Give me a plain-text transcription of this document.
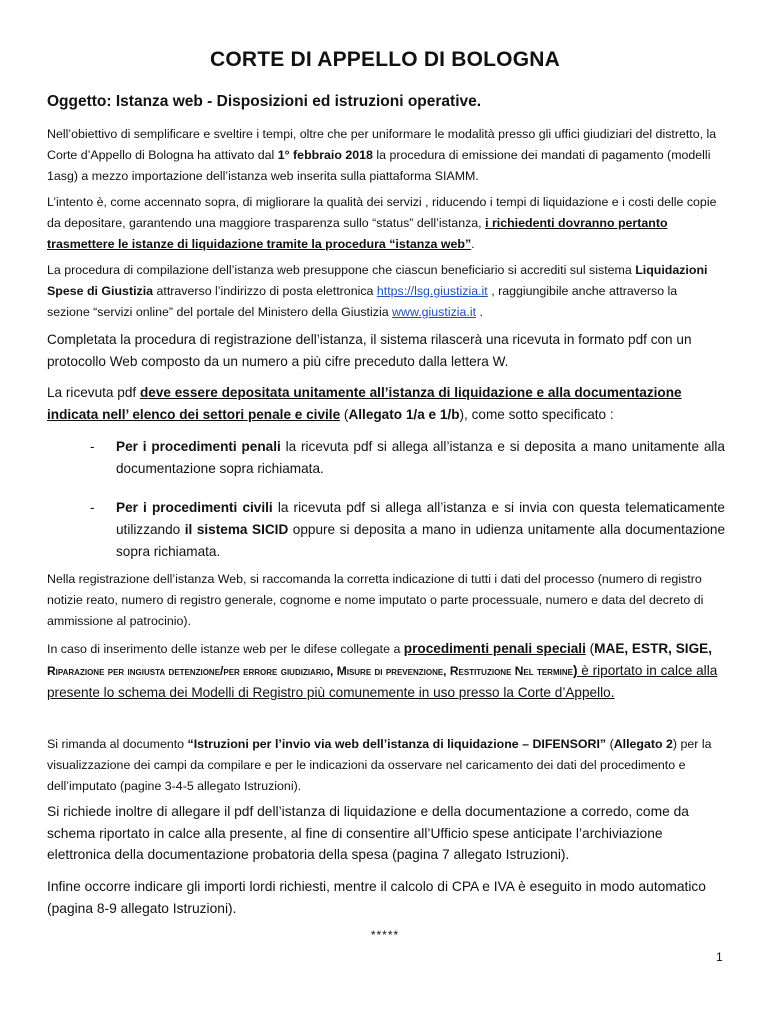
CORTE DI APPELLO DI BOLOGNA

Oggetto: Istanza web - Disposizioni ed istruzioni operative.

Nell’obiettivo di semplificare e sveltire i tempi, oltre che per uniformare le modalità presso gli uffici giudiziari del distretto, la Corte d’Appello di Bologna ha attivato dal 1° febbraio 2018 la procedura di emissione dei mandati di pagamento (modelli 1asg) a mezzo importazione dell’istanza web inserita sulla piattaforma SIAMM.

L’intento è, come accennato sopra, di migliorare la qualità dei servizi , riducendo i tempi di liquidazione e i costi delle copie da depositare, garantendo una maggiore trasparenza sullo “status” dell’istanza, i richiedenti dovranno pertanto trasmettere le istanze di liquidazione tramite la procedura “istanza web”.

La procedura di compilazione dell’istanza web presuppone che ciascun beneficiario si accrediti sul sistema Liquidazioni Spese di Giustizia attraverso l’indirizzo di posta elettronica https://lsg.giustizia.it , raggiungibile anche attraverso la sezione “servizi online” del portale del Ministero della Giustizia www.giustizia.it .

Completata la procedura di registrazione dell’istanza, il sistema rilascerà una ricevuta in formato pdf con un protocollo Web composto da un numero a più cifre preceduto dalla lettera W.

La ricevuta pdf deve essere depositata unitamente all’istanza di liquidazione e alla documentazione indicata nell’ elenco dei settori penale e civile (Allegato 1/a e 1/b), come sotto specificato :

- Per i procedimenti penali la ricevuta pdf si allega all’istanza e si deposita a mano unitamente alla documentazione sopra richiamata.
- Per i procedimenti civili la ricevuta pdf si allega all’istanza e si invia con questa telematicamente utilizzando il sistema SICID oppure si deposita a mano in udienza unitamente alla documentazione sopra richiamata.

Nella registrazione dell’istanza Web, si raccomanda la corretta indicazione di tutti i dati del processo (numero di registro notizie reato, numero di registro generale, cognome e nome imputato o parte processuale, numero e data del decreto di ammissione al patrocinio).

In caso di inserimento delle istanze web per le difese collegate a procedimenti penali speciali (MAE, ESTR, SIGE, Riparazione per ingiusta detenzione/per errore giudiziario, Misure di prevenzione, Restituzione Nel termine) è riportato in calce alla presente lo schema dei Modelli di Registro più comunemente in uso presso la Corte d’Appello.

Si rimanda al documento “Istruzioni per l’invio via web dell’istanza di liquidazione – DIFENSORI” (Allegato 2) per la visualizzazione dei campi da compilare e per le indicazioni da osservare nel caricamento dei dati del procedimento e dell’imputato (pagine 3-4-5 allegato Istruzioni).

Si richiede inoltre di allegare il pdf dell’istanza di liquidazione e della documentazione a corredo, come da schema riportato in calce alla presente, al fine di consentire all’Ufficio spese anticipate l’archiviazione elettronica della documentazione probatoria della spesa (pagina 7 allegato Istruzioni).

Infine occorre indicare gli importi lordi richiesti, mentre il calcolo di CPA e IVA è eseguito in modo automatico (pagina 8-9 allegato Istruzioni).

*****

1
